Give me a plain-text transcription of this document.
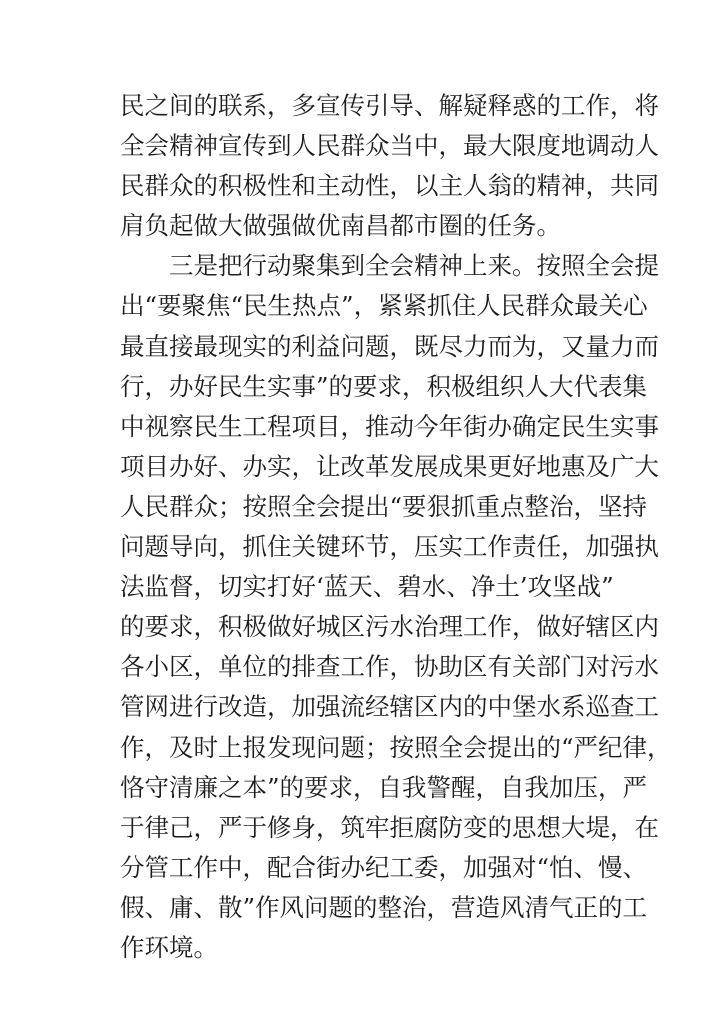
民之间的联系，多宣传引导、解疑释惑的工作，将
全会精神宣传到人民群众当中，最大限度地调动人
民群众的积极性和主动性，以主人翁的精神，共同
肩负起做大做强做优南昌都市圈的任务。
　　三是把行动聚集到全会精神上来。按照全会提
出“要聚焦“民生热点”，紧紧抓住人民群众最关心
最直接最现实的利益问题，既尽力而为，又量力而
行，办好民生实事”的要求，积极组织人大代表集
中视察民生工程项目，推动今年街办确定民生实事
项目办好、办实，让改革发展成果更好地惠及广大
人民群众；按照全会提出“要狠抓重点整治，坚持
问题导向，抓住关键环节，压实工作责任，加强执
法监督，切实打好‘蓝天、碧水、净土’攻坚战”
的要求，积极做好城区污水治理工作，做好辖区内
各小区，单位的排查工作，协助区有关部门对污水
管网进行改造，加强流经辖区内的中堡水系巡查工
作，及时上报发现问题；按照全会提出的“严纪律，
恪守清廉之本”的要求，自我警醒，自我加压，严
于律己，严于修身，筑牢拒腐防变的思想大堤，在
分管工作中，配合街办纪工委，加强对“怕、慢、
假、庸、散”作风问题的整治，营造风清气正的工
作环境。
